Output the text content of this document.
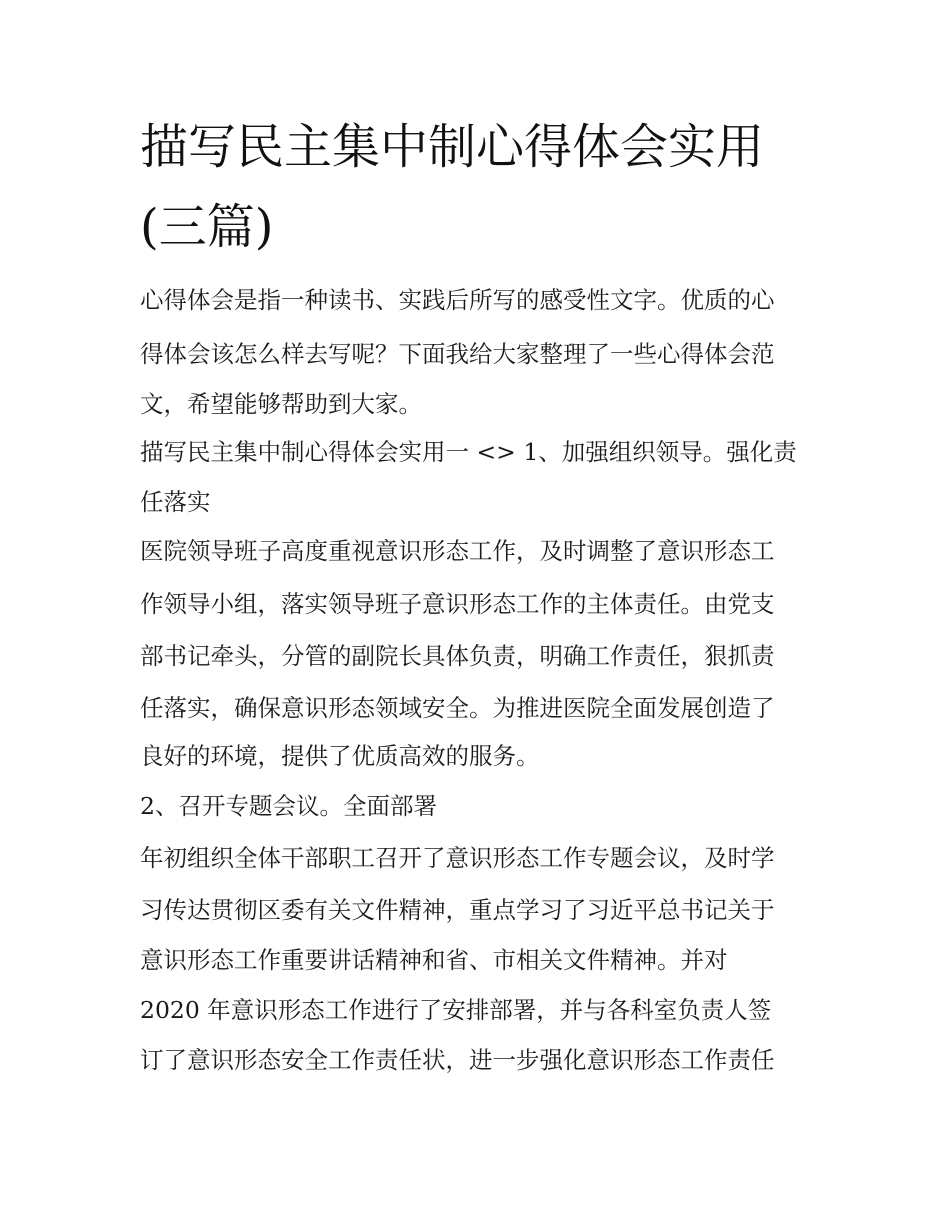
描写民主集中制心得体会实用
(三篇)

心得体会是指一种读书、实践后所写的感受性文字。优质的心

得体会该怎么样去写呢？下面我给大家整理了一些心得体会范

文，希望能够帮助到大家。

描写民主集中制心得体会实用一 <> 1、加强组织领导。强化责

任落实

医院领导班子高度重视意识形态工作，及时调整了意识形态工

作领导小组，落实领导班子意识形态工作的主体责任。由党支

部书记牵头，分管的副院长具体负责，明确工作责任，狠抓责

任落实，确保意识形态领域安全。为推进医院全面发展创造了

良好的环境，提供了优质高效的服务。

2、召开专题会议。全面部署

年初组织全体干部职工召开了意识形态工作专题会议，及时学

习传达贯彻区委有关文件精神，重点学习了习近平总书记关于

意识形态工作重要讲话精神和省、市相关文件精神。并对

2020 年意识形态工作进行了安排部署，并与各科室负责人签

订了意识形态安全工作责任状，进一步强化意识形态工作责任
